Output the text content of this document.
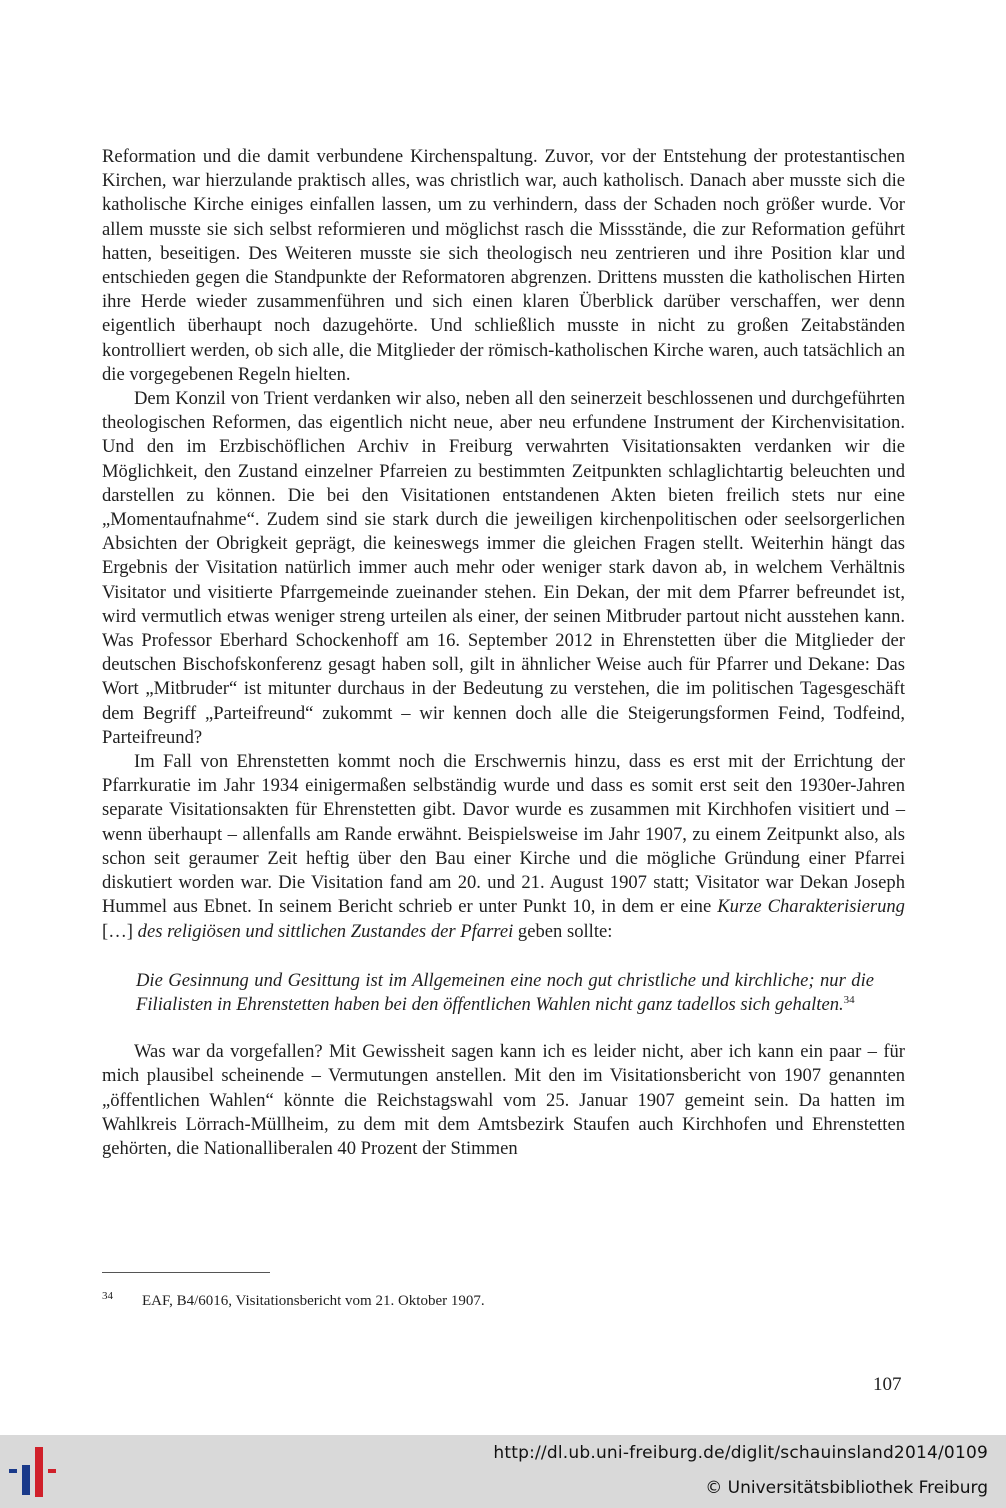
Reformation und die damit verbundene Kirchenspaltung. Zuvor, vor der Entstehung der protestantischen Kirchen, war hierzulande praktisch alles, was christlich war, auch katholisch. Danach aber musste sich die katholische Kirche einiges einfallen lassen, um zu verhindern, dass der Schaden noch größer wurde. Vor allem musste sie sich selbst reformieren und möglichst rasch die Missstände, die zur Reformation geführt hatten, beseitigen. Des Weiteren musste sie sich theologisch neu zentrieren und ihre Position klar und entschieden gegen die Standpunkte der Reformatoren abgrenzen. Drittens mussten die katholischen Hirten ihre Herde wieder zusammenführen und sich einen klaren Überblick darüber verschaffen, wer denn eigentlich überhaupt noch dazugehörte. Und schließlich musste in nicht zu großen Zeitabständen kontrolliert werden, ob sich alle, die Mitglieder der römisch-katholischen Kirche waren, auch tatsächlich an die vorgegebenen Regeln hielten.

Dem Konzil von Trient verdanken wir also, neben all den seinerzeit beschlossenen und durchgeführten theologischen Reformen, das eigentlich nicht neue, aber neu erfundene Instrument der Kirchenvisitation. Und den im Erzbischöflichen Archiv in Freiburg verwahrten Visitationsakten verdanken wir die Möglichkeit, den Zustand einzelner Pfarreien zu bestimmten Zeitpunkten schlaglichtartig beleuchten und darstellen zu können. Die bei den Visitationen entstandenen Akten bieten freilich stets nur eine „Momentaufnahme“. Zudem sind sie stark durch die jeweiligen kirchenpolitischen oder seelsorgerlichen Absichten der Obrigkeit geprägt, die keineswegs immer die gleichen Fragen stellt. Weiterhin hängt das Ergebnis der Visitation natürlich immer auch mehr oder weniger stark davon ab, in welchem Verhältnis Visitator und visitierte Pfarrgemeinde zueinander stehen. Ein Dekan, der mit dem Pfarrer befreundet ist, wird vermutlich etwas weniger streng urteilen als einer, der seinen Mitbruder partout nicht ausstehen kann. Was Professor Eberhard Schockenhoff am 16. September 2012 in Ehrenstetten über die Mitglieder der deutschen Bischofskonferenz gesagt haben soll, gilt in ähnlicher Weise auch für Pfarrer und Dekane: Das Wort „Mitbruder“ ist mitunter durchaus in der Bedeutung zu verstehen, die im politischen Tagesgeschäft dem Begriff „Parteifreund“ zukommt – wir kennen doch alle die Steigerungsformen Feind, Todfeind, Parteifreund?

Im Fall von Ehrenstetten kommt noch die Erschwernis hinzu, dass es erst mit der Errichtung der Pfarrkuratie im Jahr 1934 einigermaßen selbständig wurde und dass es somit erst seit den 1930er-Jahren separate Visitationsakten für Ehrenstetten gibt. Davor wurde es zusammen mit Kirchhofen visitiert und – wenn überhaupt – allenfalls am Rande erwähnt. Beispielsweise im Jahr 1907, zu einem Zeitpunkt also, als schon seit geraumer Zeit heftig über den Bau einer Kirche und die mögliche Gründung einer Pfarrei diskutiert worden war. Die Visitation fand am 20. und 21. August 1907 statt; Visitator war Dekan Joseph Hummel aus Ebnet. In seinem Bericht schrieb er unter Punkt 10, in dem er eine Kurze Charakterisierung […] des religiösen und sittlichen Zustandes der Pfarrei geben sollte:

Die Gesinnung und Gesittung ist im Allgemeinen eine noch gut christliche und kirchliche; nur die Filialisten in Ehrenstetten haben bei den öffentlichen Wahlen nicht ganz tadellos sich gehalten.$^{34}$

Was war da vorgefallen? Mit Gewissheit sagen kann ich es leider nicht, aber ich kann ein paar – für mich plausibel scheinende – Vermutungen anstellen. Mit den im Visitationsbericht von 1907 genannten „öffentlichen Wahlen“ könnte die Reichstagswahl vom 25. Januar 1907 gemeint sein. Da hatten im Wahlkreis Lörrach-Müllheim, zu dem mit dem Amtsbezirk Staufen auch Kirchhofen und Ehrenstetten gehörten, die Nationalliberalen 40 Prozent der Stimmen

34 EAF, B4/6016, Visitationsbericht vom 21. Oktober 1907.
107
http://dl.ub.uni-freiburg.de/diglit/schauinsland2014/0109
© Universitätsbibliothek Freiburg
